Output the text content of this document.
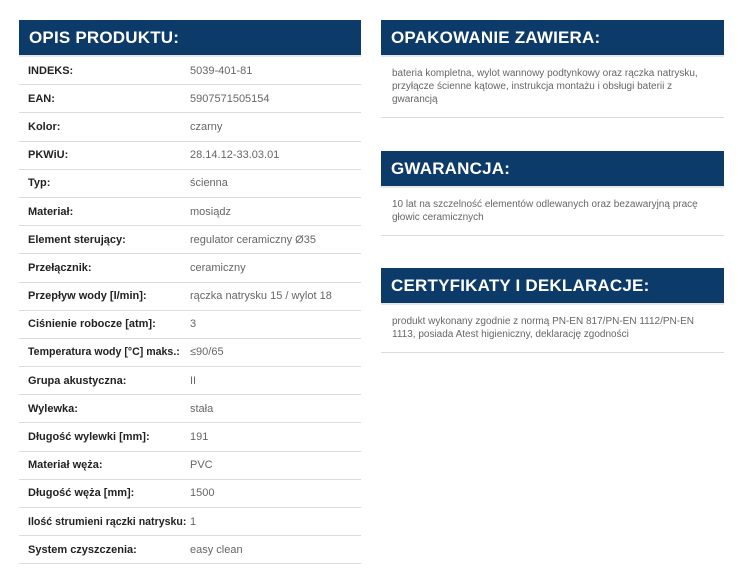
OPIS PRODUKTU:
INDEKS:	5039-401-81
EAN:	5907571505154
Kolor:	czarny
PKWiU:	28.14.12-33.03.01
Typ:	ścienna
Materiał:	mosiądz
Element sterujący:	regulator ceramiczny Ø35
Przełącznik:	ceramiczny
Przepływ wody [l/min]:	rączka natrysku 15 / wylot 18
Ciśnienie robocze [atm]:	3
Temperatura wody [°C] maks.: ≤90/65
Grupa akustyczna:	II
Wylewka:	stała
Długość wylewki [mm]:	191
Materiał węża:	PVC
Długość węża [mm]:	1500
Ilość strumieni rączki natrysku: 1
System czyszczenia:	easy clean
OPAKOWANIE ZAWIERA:
bateria kompletna, wylot wannowy podtynkowy oraz rączka natrysku, przyłącze ścienne kątowe, instrukcja montażu i obsługi baterii z gwarancją
GWARANCJA:
10 lat na szczelność elementów odlewanych oraz bezawaryjną pracę głowic ceramicznych
CERTYFIKATY I DEKLARACJE:
produkt wykonany zgodnie z normą PN-EN 817/PN-EN 1112/PN-EN 1113, posiada Atest higieniczny, deklarację zgodności
